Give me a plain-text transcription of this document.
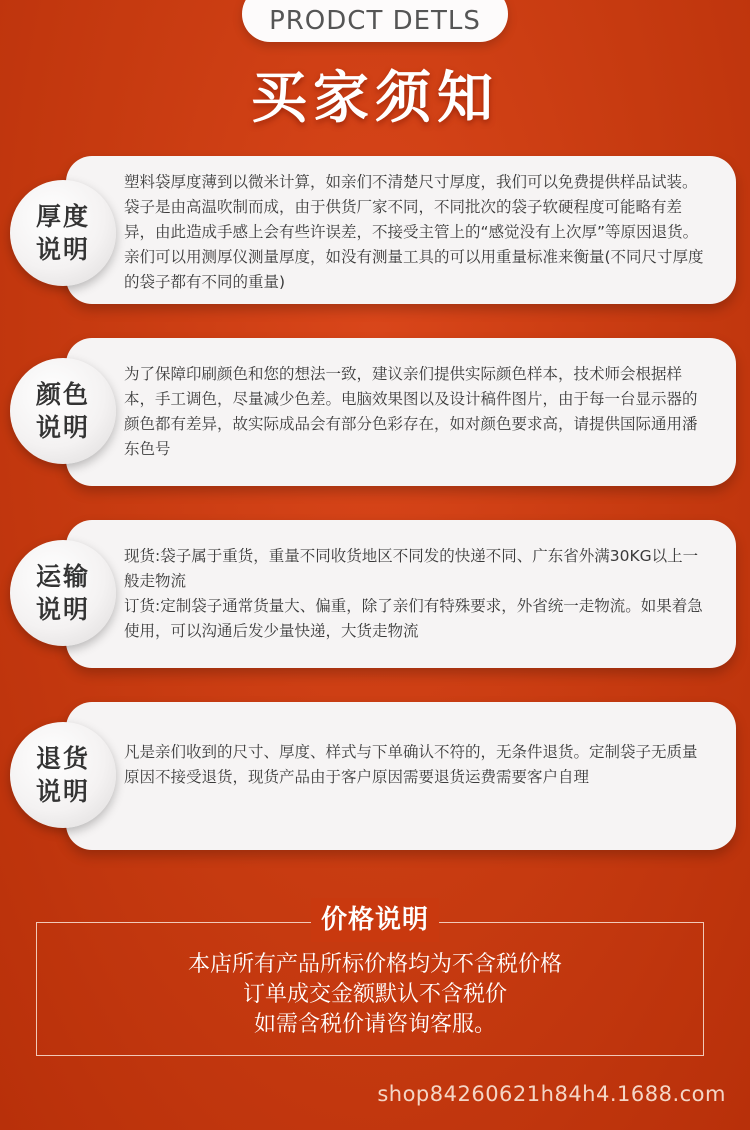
PRODCT DETLS
买家须知
塑料袋厚度薄到以微米计算，如亲们不清楚尺寸厚度，我们可以免费提供样品试装。袋子是由高温吹制而成，由于供货厂家不同，不同批次的袋子软硬程度可能略有差异，由此造成手感上会有些许误差，不接受主管上的“感觉没有上次厚”等原因退货。亲们可以用测厚仪测量厚度，如没有测量工具的可以用重量标准来衡量(不同尺寸厚度的袋子都有不同的重量)
厚度
说明
为了保障印刷颜色和您的想法一致，建议亲们提供实际颜色样本，技术师会根据样本，手工调色，尽量减少色差。电脑效果图以及设计稿件图片，由于每一台显示器的颜色都有差异，故实际成品会有部分色彩存在，如对颜色要求高，请提供国际通用潘东色号
颜色
说明
现货:袋子属于重货，重量不同收货地区不同发的快递不同、广东省外满30KG以上一般走物流
订货:定制袋子通常货量大、偏重，除了亲们有特殊要求，外省统一走物流。如果着急使用，可以沟通后发少量快递，大货走物流
运输
说明
凡是亲们收到的尺寸、厚度、样式与下单确认不符的，无条件退货。定制袋子无质量原因不接受退货，现货产品由于客户原因需要退货运费需要客户自理
退货
说明
价格说明
本店所有产品所标价格均为不含税价格
订单成交金额默认不含税价
如需含税价请咨询客服。
shop84260621h84h4.1688.com
